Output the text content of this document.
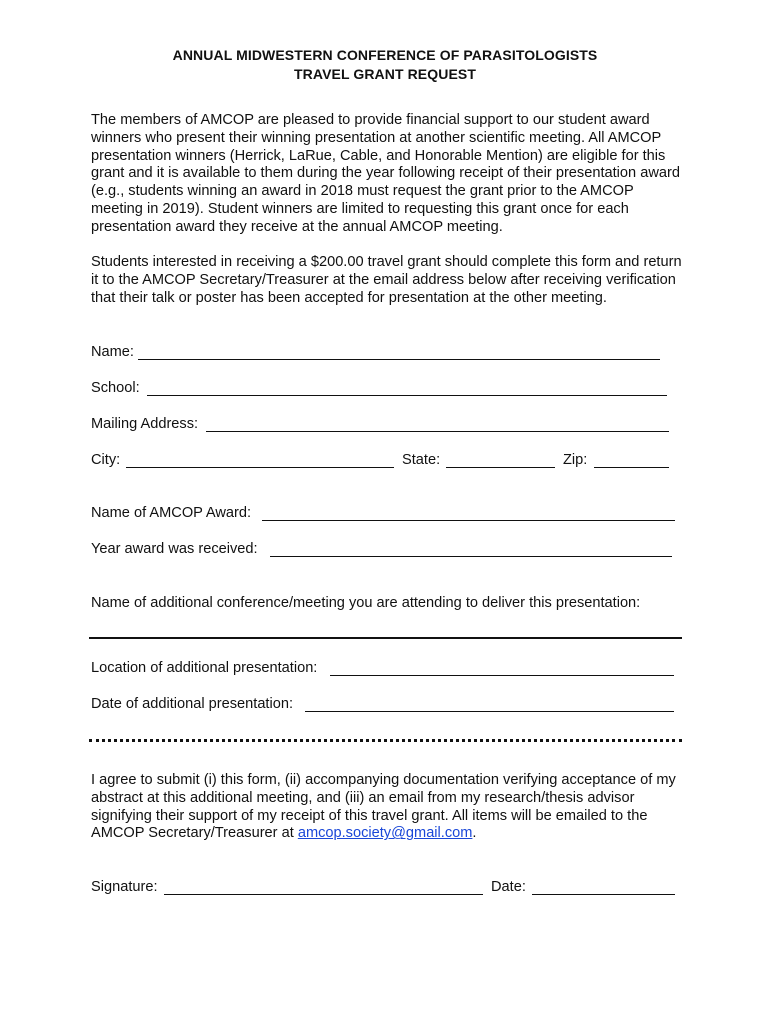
ANNUAL MIDWESTERN CONFERENCE OF PARASITOLOGISTS
TRAVEL GRANT REQUEST
The members of AMCOP are pleased to provide financial support to our student award winners who present their winning presentation at another scientific meeting. All AMCOP presentation winners (Herrick, LaRue, Cable, and Honorable Mention) are eligible for this grant and it is available to them during the year following receipt of their presentation award (e.g., students winning an award in 2018 must request the grant prior to the AMCOP meeting in 2019). Student winners are limited to requesting this grant once for each presentation award they receive at the annual AMCOP meeting.
Students interested in receiving a $200.00 travel grant should complete this form and return it to the AMCOP Secretary/Treasurer at the email address below after receiving verification that their talk or poster has been accepted for presentation at the other meeting.
Name:
School:
Mailing Address:
City:	State:	Zip:
Name of AMCOP Award:
Year award was received:
Name of additional conference/meeting you are attending to deliver this presentation:
Location of additional presentation:
Date of additional presentation:
I agree to submit (i) this form, (ii) accompanying documentation verifying acceptance of my abstract at this additional meeting, and (iii) an email from my research/thesis advisor signifying their support of my receipt of this travel grant. All items will be emailed to the AMCOP Secretary/Treasurer at amcop.society@gmail.com.
Signature:	Date:
